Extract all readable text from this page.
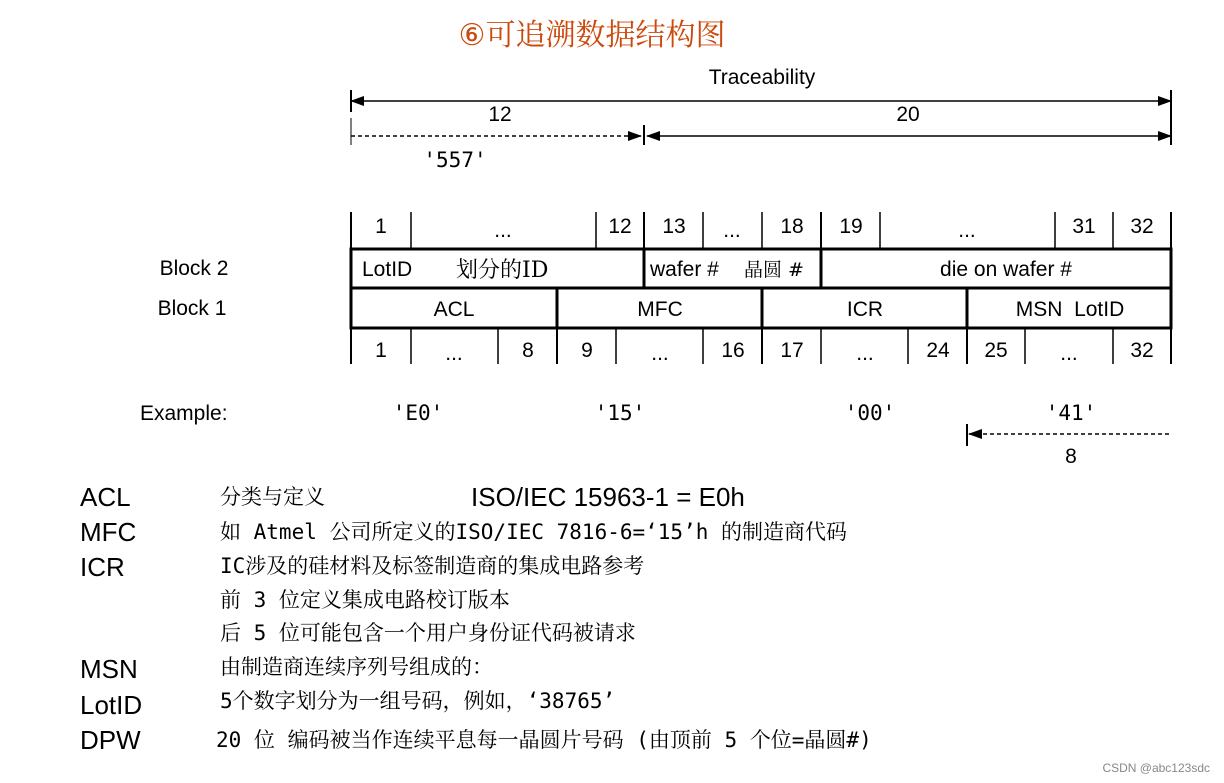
⑥可追溯数据结构图
Traceability
12	20
'557'
1	...	12 13 ... 18 19	...	31 32
Block 2	LotID 划分的ID	wafer # 晶圆 #	die on wafer #
Block 1	ACL	MFC	ICR	MSN  LotID
1	...	8 9	...	16 17	...	24 25	...	32
Example:	'E0'	'15'	'00'	'41'
8
ACL	分类与定义	ISO/IEC 15963-1 = E0h
MFC	如 Atmel 公司所定义的ISO/IEC 7816-6=‘15’h 的制造商代码
ICR	IC涉及的硅材料及标签制造商的集成电路参考
前 3 位定义集成电路校订版本
后 5 位可能包含一个用户身份证代码被请求
MSN	由制造商连续序列号组成的：
LotID	5个数字划分为一组号码，例如，‘38765’
DPW	20 位 编码被当作连续平息每一晶圆片号码 (由顶前 5 个位=晶圆#)
CSDN @abc123sdc
